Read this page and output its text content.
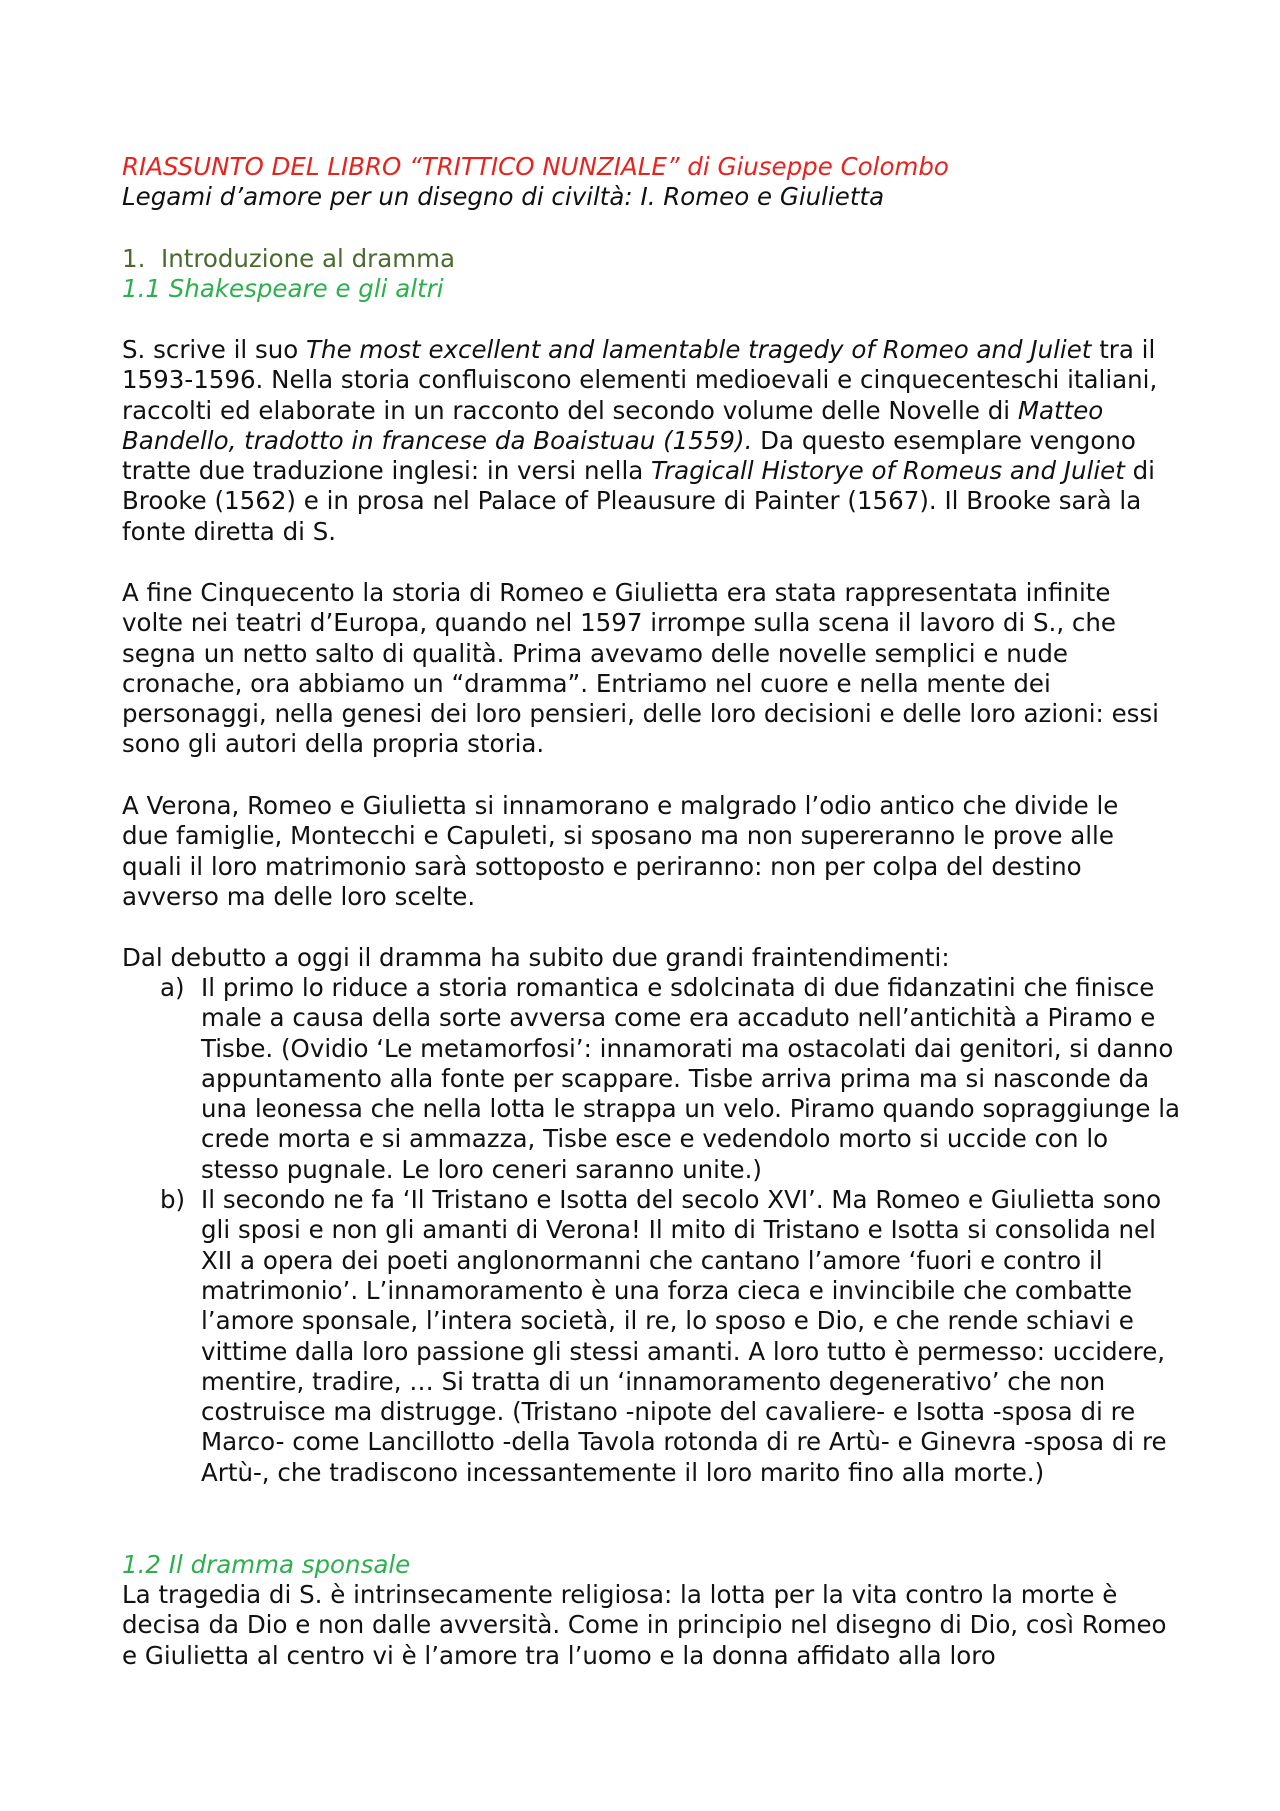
RIASSUNTO DEL LIBRO “TRITTICO NUNZIALE” di Giuseppe Colombo
Legami d’amore per un disegno di civiltà: I. Romeo e Giulietta
1. Introduzione al dramma
1.1 Shakespeare e gli altri

S. scrive il suo The most excellent and lamentable tragedy of Romeo and Juliet tra il 1593-1596. Nella storia confluiscono elementi medioevali e cinquecenteschi italiani, raccolti ed elaborate in un racconto del secondo volume delle Novelle di Matteo Bandello, tradotto in francese da Boaistuau (1559). Da questo esemplare vengono tratte due traduzione inglesi: in versi nella Tragicall Historye of Romeus and Juliet di Brooke (1562) e in prosa nel Palace of Pleausure di Painter (1567). Il Brooke sarà la fonte diretta di S.

A fine Cinquecento la storia di Romeo e Giulietta era stata rappresentata infinite volte nei teatri d’Europa, quando nel 1597 irrompe sulla scena il lavoro di S., che segna un netto salto di qualità. Prima avevamo delle novelle semplici e nude cronache, ora abbiamo un “dramma”. Entriamo nel cuore e nella mente dei personaggi, nella genesi dei loro pensieri, delle loro decisioni e delle loro azioni: essi sono gli autori della propria storia.

A Verona, Romeo e Giulietta si innamorano e malgrado l’odio antico che divide le due famiglie, Montecchi e Capuleti, si sposano ma non supereranno le prove alle quali il loro matrimonio sarà sottoposto e periranno: non per colpa del destino avverso ma delle loro scelte.

Dal debutto a oggi il dramma ha subito due grandi fraintendimenti:

a) Il primo lo riduce a storia romantica e sdolcinata di due fidanzatini che finisce male a causa della sorte avversa come era accaduto nell’antichità a Piramo e Tisbe. (Ovidio ‘Le metamorfosi’: innamorati ma ostacolati dai genitori, si danno appuntamento alla fonte per scappare. Tisbe arriva prima ma si nasconde da una leonessa che nella lotta le strappa un velo. Piramo quando sopraggiunge la crede morta e si ammazza, Tisbe esce e vedendolo morto si uccide con lo stesso pugnale. Le loro ceneri saranno unite.)
b) Il secondo ne fa ‘Il Tristano e Isotta del secolo XVI’. Ma Romeo e Giulietta sono gli sposi e non gli amanti di Verona! Il mito di Tristano e Isotta si consolida nel XII a opera dei poeti anglonormanni che cantano l’amore ‘fuori e contro il matrimonio’. L’innamoramento è una forza cieca e invincibile che combatte l’amore sponsale, l’intera società, il re, lo sposo e Dio, e che rende schiavi e vittime dalla loro passione gli stessi amanti. A loro tutto è permesso: uccidere, mentire, tradire, … Si tratta di un ‘innamoramento degenerativo’ che non costruisce ma distrugge. (Tristano -nipote del cavaliere- e Isotta -sposa di re Marco- come Lancillotto -della Tavola rotonda di re Artù- e Ginevra -sposa di re Artù-, che tradiscono incessantemente il loro marito fino alla morte.)
1.2 Il dramma sponsale

La tragedia di S. è intrinsecamente religiosa: la lotta per la vita contro la morte è decisa da Dio e non dalle avversità. Come in principio nel disegno di Dio, così Romeo e Giulietta al centro vi è l’amore tra l’uomo e la donna affidato alla loro
